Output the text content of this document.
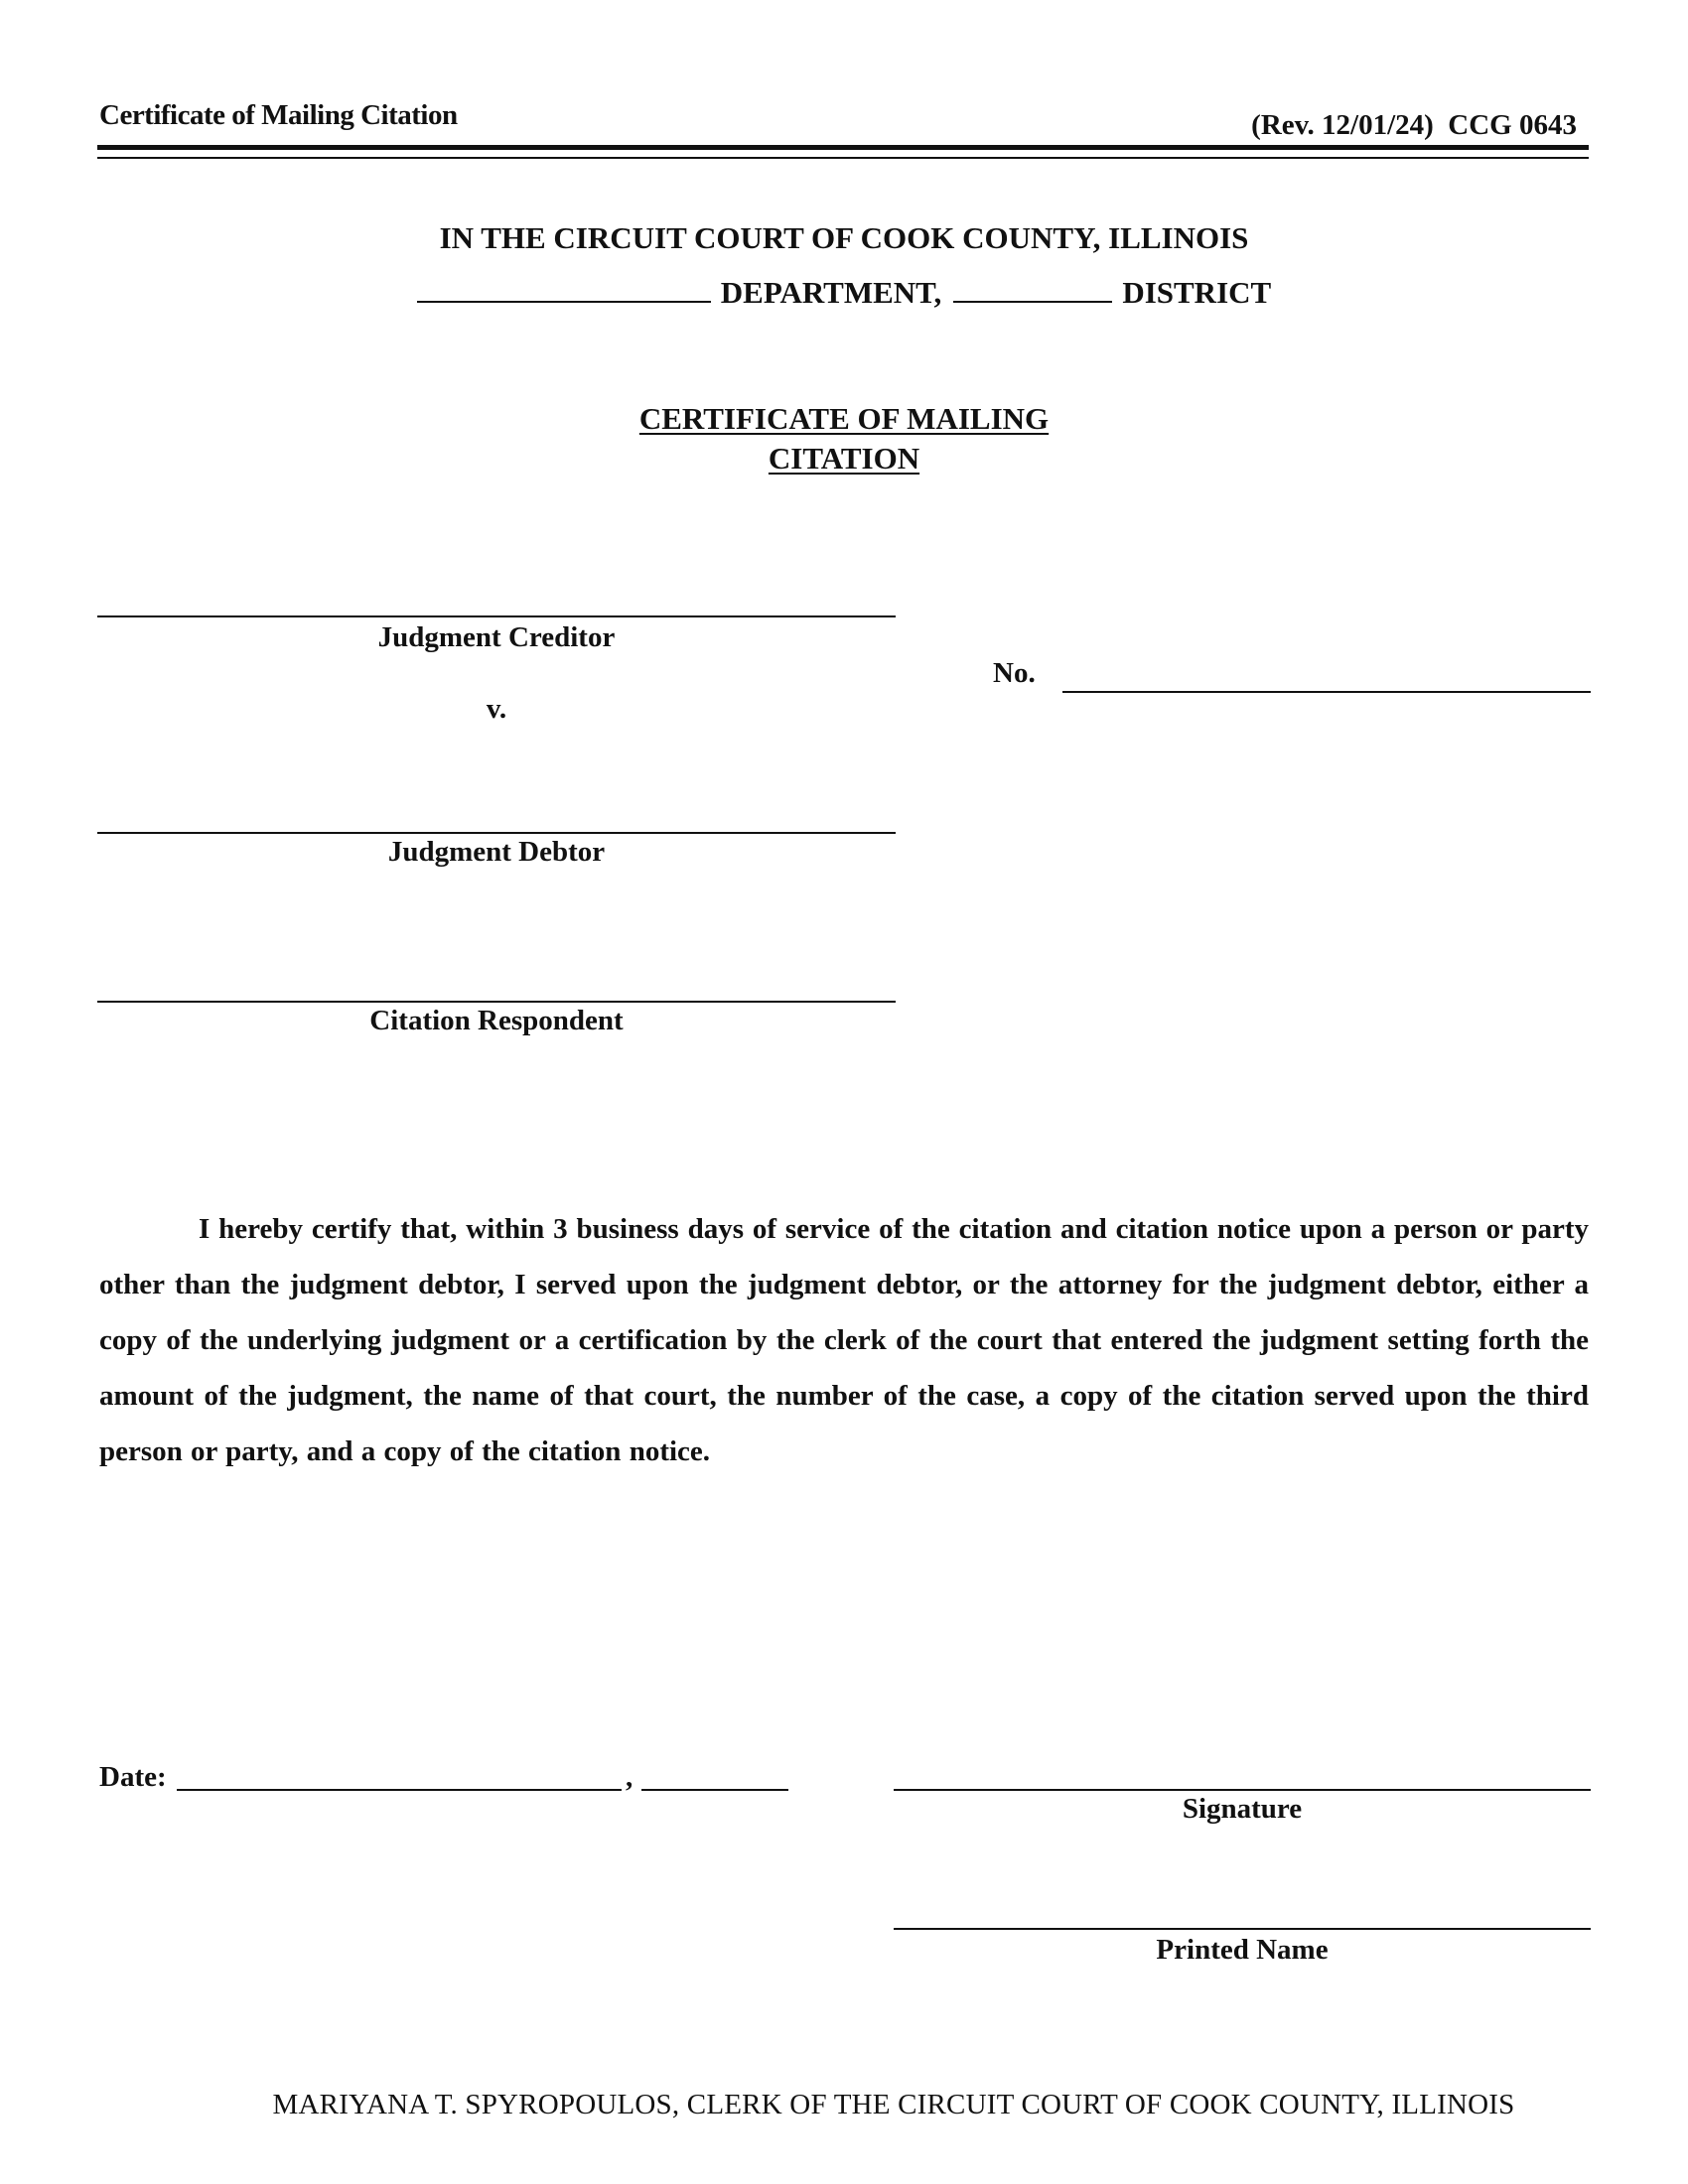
Certificate of Mailing Citation	(Rev. 12/01/24)  CCG 0643
IN THE CIRCUIT COURT OF COOK COUNTY, ILLINOIS
DEPARTMENT,	DISTRICT
CERTIFICATE OF MAILING
CITATION
Judgment Creditor
v.
Judgment Debtor
Citation Respondent
No.
I hereby certify that, within 3 business days of service of the citation and citation notice upon a person or party other than the judgment debtor, I served upon the judgment debtor, or the attorney for the judgment debtor, either a copy of the underlying judgment or a certification by the clerk of the court that entered the judgment setting forth the amount of the judgment, the name of that court, the number of the case, a copy of the citation served upon the third person or party, and a copy of the citation notice.
Date:	,
Signature
Printed Name
MARIYANA T. SPYROPOULOS, CLERK OF THE CIRCUIT COURT OF COOK COUNTY, ILLINOIS
